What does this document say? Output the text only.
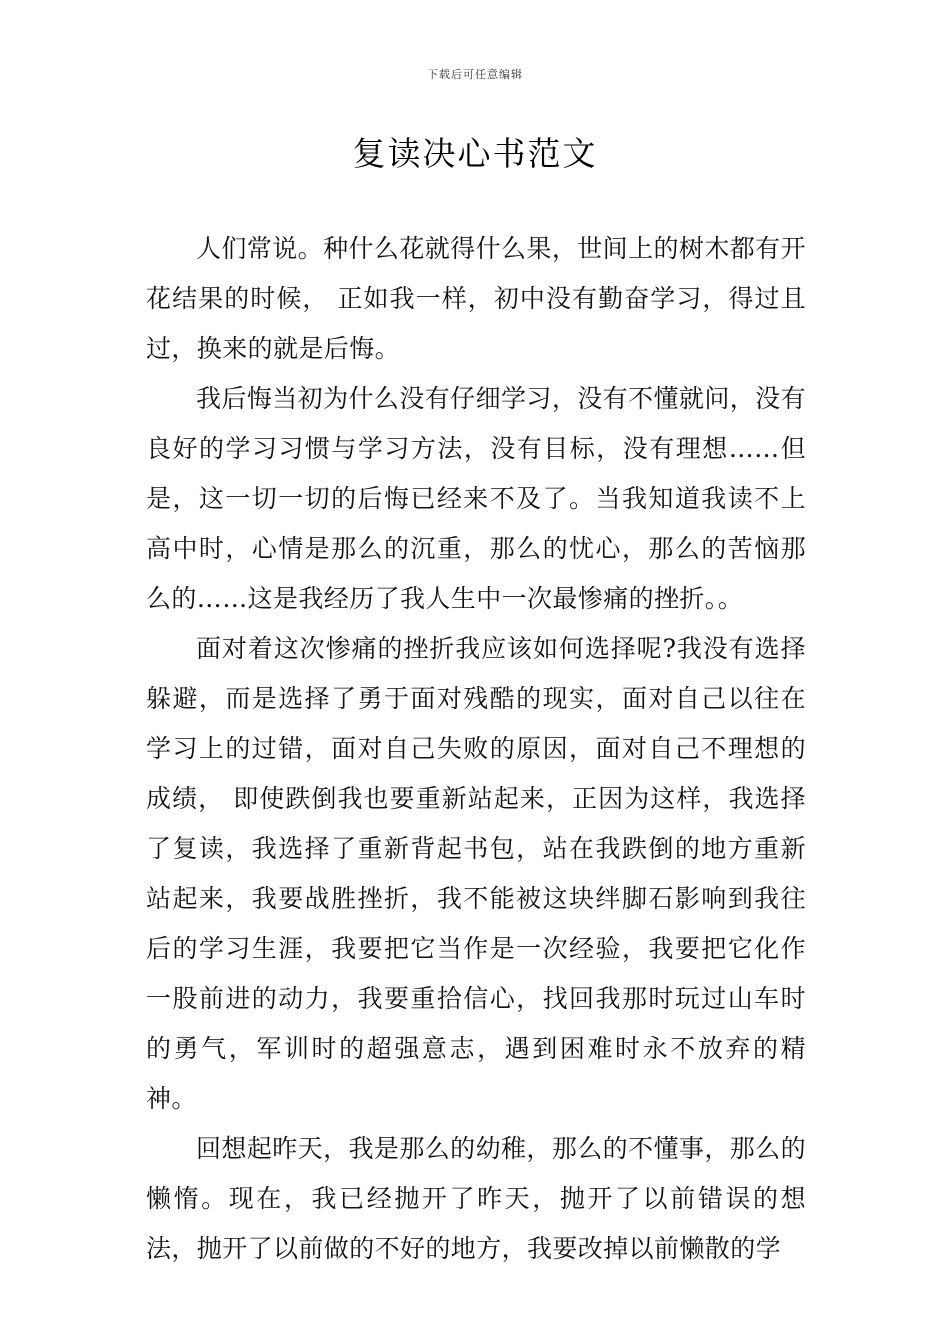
下载后可任意编辑
复读决心书范文

人们常说。种什么花就得什么果，世间上的树木都有开花结果的时候， 正如我一样，初中没有勤奋学习，得过且过，换来的就是后悔。

我后悔当初为什么没有仔细学习，没有不懂就问，没有良好的学习习惯与学习方法，没有目标，没有理想……但是，这一切一切的后悔已经来不及了。当我知道我读不上高中时，心情是那么的沉重，那么的忧心，那么的苦恼那么的……这是我经历了我人生中一次最惨痛的挫折。。

面对着这次惨痛的挫折我应该如何选择呢?我没有选择躲避，而是选择了勇于面对残酷的现实，面对自己以往在学习上的过错，面对自己失败的原因，面对自己不理想的成绩， 即使跌倒我也要重新站起来，正因为这样，我选择了复读，我选择了重新背起书包，站在我跌倒的地方重新站起来，我要战胜挫折，我不能被这块绊脚石影响到我往后的学习生涯，我要把它当作是一次经验，我要把它化作一股前进的动力，我要重拾信心，找回我那时玩过山车时的勇气，军训时的超强意志，遇到困难时永不放弃的精神。

回想起昨天，我是那么的幼稚，那么的不懂事，那么的懒惰。现在，我已经抛开了昨天，抛开了以前错误的想法，抛开了以前做的不好的地方，我要改掉以前懒散的学
